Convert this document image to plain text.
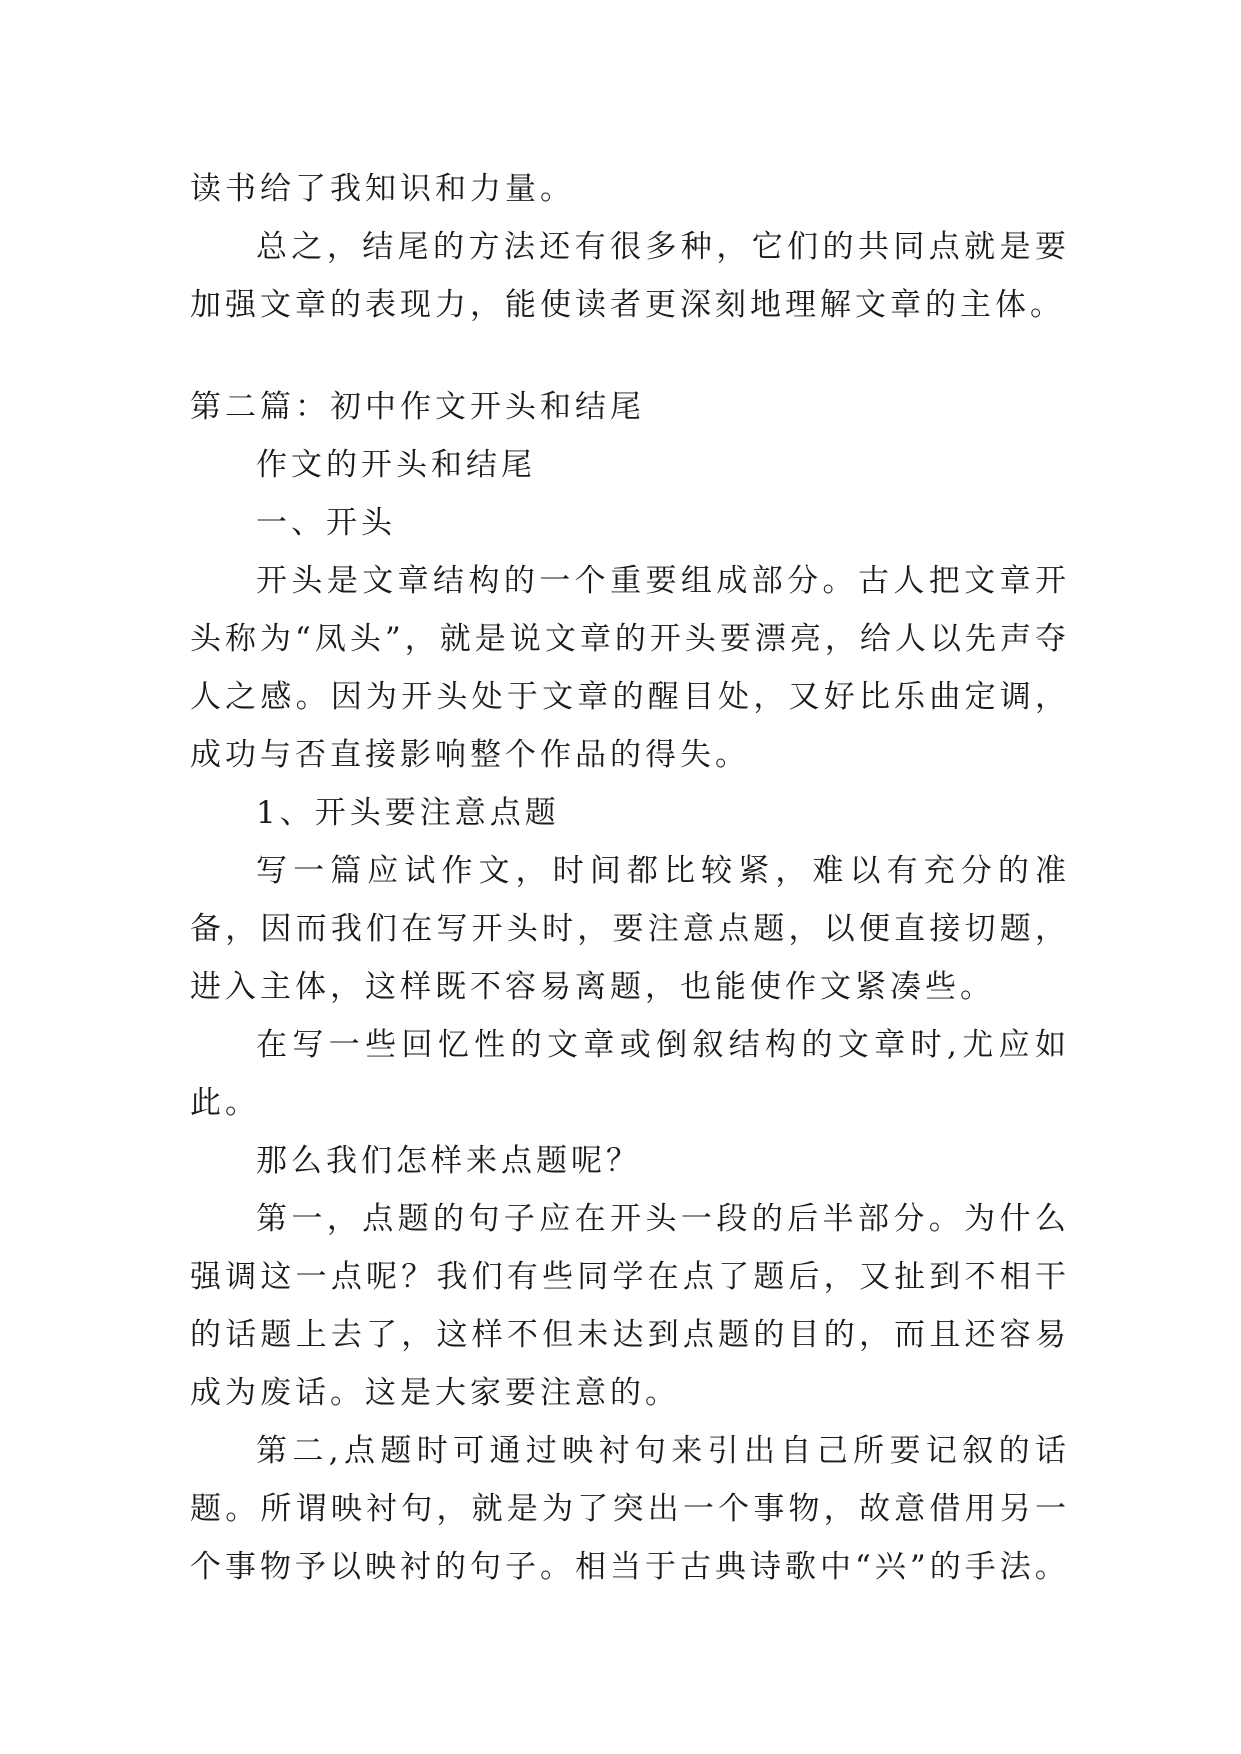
读书给了我知识和力量。

总之，结尾的方法还有很多种，它们的共同点就是要加强文章的表现力，能使读者更深刻地理解文章的主体。

第二篇：初中作文开头和结尾

作文的开头和结尾

一、开头

开头是文章结构的一个重要组成部分。古人把文章开头称为“凤头”，就是说文章的开头要漂亮，给人以先声夺人之感。因为开头处于文章的醒目处，又好比乐曲定调，成功与否直接影响整个作品的得失。

1、开头要注意点题

写一篇应试作文，时间都比较紧，难以有充分的准备，因而我们在写开头时，要注意点题，以便直接切题，进入主体，这样既不容易离题，也能使作文紧凑些。

在写一些回忆性的文章或倒叙结构的文章时,尤应如此。

那么我们怎样来点题呢？

第一，点题的句子应在开头一段的后半部分。为什么强调这一点呢？我们有些同学在点了题后，又扯到不相干的话题上去了，这样不但未达到点题的目的，而且还容易成为废话。这是大家要注意的。

第二,点题时可通过映衬句来引出自己所要记叙的话题。所谓映衬句，就是为了突出一个事物，故意借用另一个事物予以映衬的句子。相当于古典诗歌中“兴”的手法。
